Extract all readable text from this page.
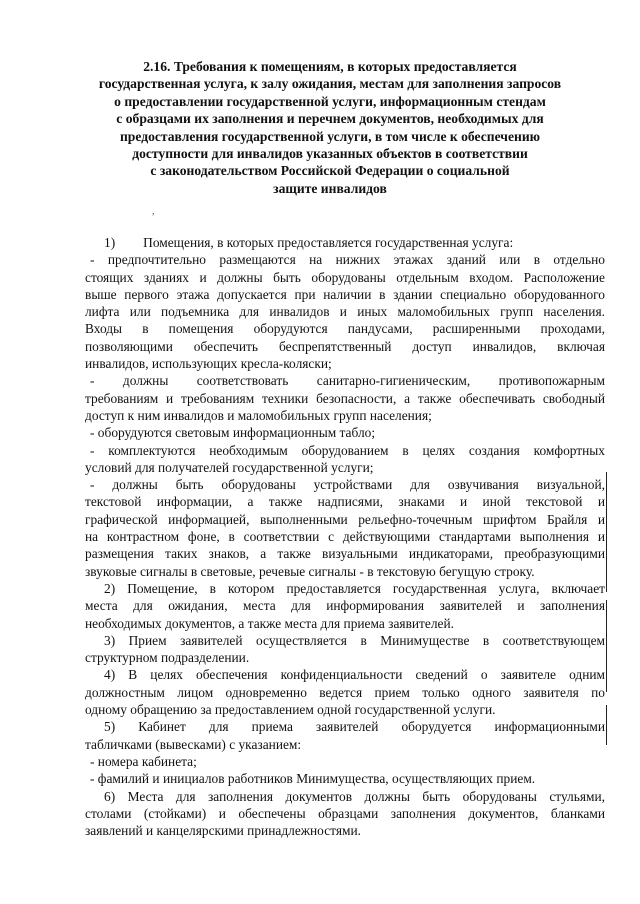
2.16. Требования к помещениям, в которых предоставляется
государственная услуга, к залу ожидания, местам для заполнения запросов
о предоставлении государственной услуги, информационным стендам
с образцами их заполнения и перечнем документов, необходимых для
предоставления государственной услуги, в том числе к обеспечению
доступности для инвалидов указанных объектов в соответствии
с законодательством Российской Федерации о социальной
защите инвалидов
,
1) Помещения, в которых предоставляется государственная услуга:
- предпочтительно размещаются на нижних этажах зданий или в отдельно
стоящих зданиях и должны быть оборудованы отдельным входом. Расположение
выше первого этажа допускается при наличии в здании специально оборудованного
лифта или подъемника для инвалидов и иных маломобильных групп населения.
Входы в помещения оборудуются пандусами, расширенными проходами,
позволяющими обеспечить беспрепятственный доступ инвалидов, включая
инвалидов, использующих кресла-коляски;
- должны соответствовать санитарно-гигиеническим, противопожарным
требованиям и требованиям техники безопасности, а также обеспечивать свободный
доступ к ним инвалидов и маломобильных групп населения;
- оборудуются световым информационным табло;
- комплектуются необходимым оборудованием в целях создания комфортных
условий для получателей государственной услуги;
- должны быть оборудованы устройствами для озвучивания визуальной,
текстовой информации, а также надписями, знаками и иной текстовой и
графической информацией, выполненными рельефно-точечным шрифтом Брайля и
на контрастном фоне, в соответствии с действующими стандартами выполнения и
размещения таких знаков, а также визуальными индикаторами, преобразующими
звуковые сигналы в световые, речевые сигналы - в текстовую бегущую строку.
2) Помещение, в котором предоставляется государственная услуга, включает
места для ожидания, места для информирования заявителей и заполнения
необходимых документов, а также места для приема заявителей.
3) Прием заявителей осуществляется в Минимуществе в соответствующем
структурном подразделении.
4) В целях обеспечения конфиденциальности сведений о заявителе одним
должностным лицом одновременно ведется прием только одного заявителя по
одному обращению за предоставлением одной государственной услуги.
5) Кабинет для приема заявителей оборудуется информационными
табличками (вывесками) с указанием:
- номера кабинета;
- фамилий и инициалов работников Минимущества, осуществляющих прием.
6) Места для заполнения документов должны быть оборудованы стульями,
столами (стойками) и обеспечены образцами заполнения документов, бланками
заявлений и канцелярскими принадлежностями.
